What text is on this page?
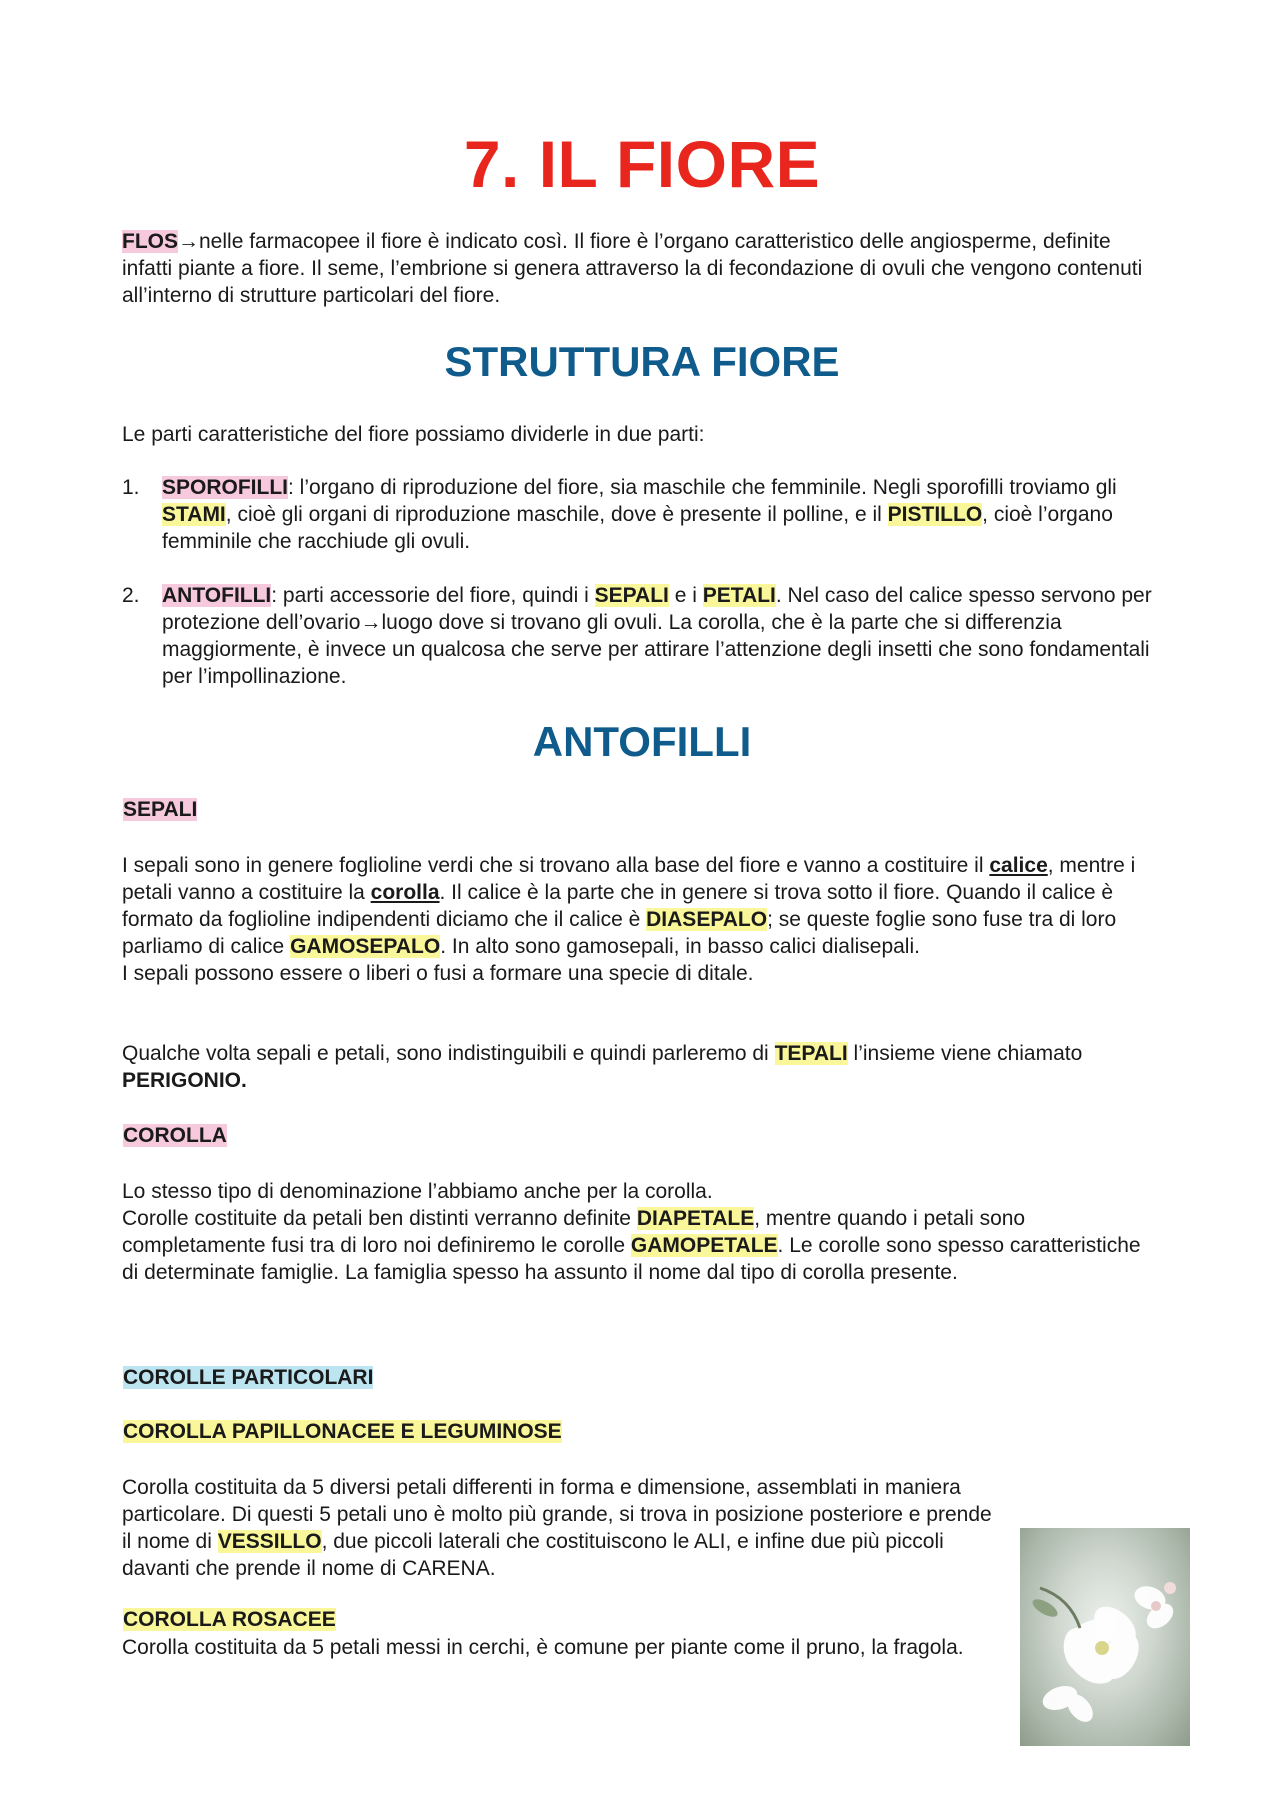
7. IL FIORE

FLOS→nelle farmacopee il fiore è indicato così. Il fiore è l’organo caratteristico delle angiosperme, definite infatti piante a fiore. Il seme, l’embrione si genera attraverso la di fecondazione di ovuli che vengono contenuti all’interno di strutture particolari del fiore.

STRUTTURA FIORE

Le parti caratteristiche del fiore possiamo dividerle in due parti:

1.	SPOROFILLI: l’organo di riproduzione del fiore, sia maschile che femminile. Negli sporofilli troviamo gli STAMI, cioè gli organi di riproduzione maschile, dove è presente il polline, e il PISTILLO, cioè l’organo femminile che racchiude gli ovuli.
2.	ANTOFILLI: parti accessorie del fiore, quindi i SEPALI e i PETALI. Nel caso del calice spesso servono per protezione dell’ovario→luogo dove si trovano gli ovuli. La corolla, che è la parte che si differenzia maggiormente, è invece un qualcosa che serve per attirare l’attenzione degli insetti che sono fondamentali per l’impollinazione.
ANTOFILLI
SEPALI

I sepali sono in genere foglioline verdi che si trovano alla base del fiore e vanno a costituire il calice, mentre i petali vanno a costituire la corolla. Il calice è la parte che in genere si trova sotto il fiore. Quando il calice è formato da foglioline indipendenti diciamo che il calice è DIASEPALO; se queste foglie sono fuse tra di loro parliamo di calice GAMOSEPALO. In alto sono gamosepali, in basso calici dialisepali.
I sepali possono essere o liberi o fusi a formare una specie di ditale.

Qualche volta sepali e petali, sono indistinguibili e quindi parleremo di TEPALI l’insieme viene chiamato PERIGONIO.

COROLLA

Lo stesso tipo di denominazione l’abbiamo anche per la corolla.
Corolle costituite da petali ben distinti verranno definite DIAPETALE, mentre quando i petali sono completamente fusi tra di loro noi definiremo le corolle GAMOPETALE. Le corolle sono spesso caratteristiche di determinate famiglie. La famiglia spesso ha assunto il nome dal tipo di corolla presente.

COROLLE PARTICOLARI
COROLLA PAPILLONACEE E LEGUMINOSE

Corolla costituita da 5 diversi petali differenti in forma e dimensione, assemblati in maniera particolare. Di questi 5 petali uno è molto più grande, si trova in posizione posteriore e prende il nome di VESSILLO, due piccoli laterali che costituiscono le ALI, e infine due più piccoli davanti che prende il nome di CARENA.

COROLLA ROSACEE

Corolla costituita da 5 petali messi in cerchi, è comune per piante come il pruno, la fragola.
